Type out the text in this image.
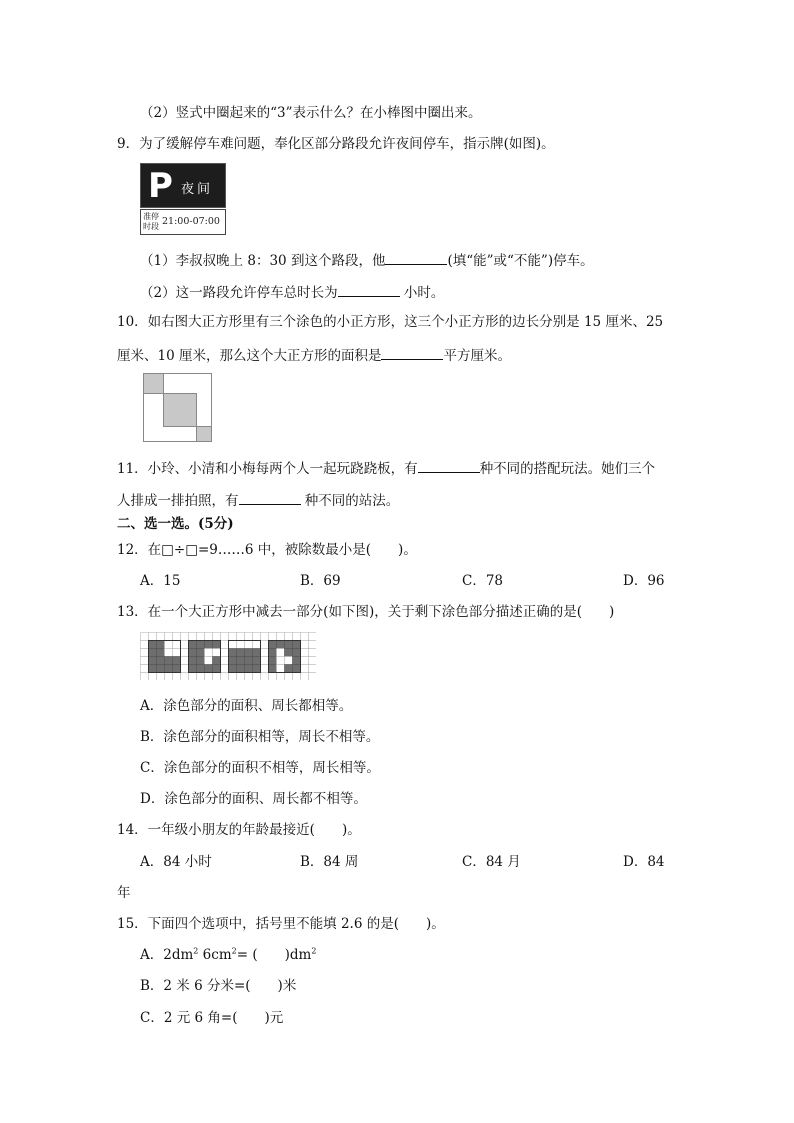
（2）竖式中圈起来的“3”表示什么？在小棒图中圈出来。
9．为了缓解停车难问题，奉化区部分路段允许夜间停车，指示牌(如图)。
P 夜间
准停时段 21:00-07:00
（1）李叔叔晚上 8：30 到这个路段，他	(填“能”或“不能”)停车。
（2）这一路段允许停车总时长为	小时。
10．如右图大正方形里有三个涂色的小正方形，这三个小正方形的边长分别是 15 厘米、25
厘米、10 厘米，那么这个大正方形的面积是	平方厘米。
11．小玲、小清和小梅每两个人一起玩跷跷板，有	种不同的搭配玩法。她们三个
人排成一排拍照，有	种不同的站法。
二、选一选。(5分)
12．在□÷□=9……6 中，被除数最小是(　　)。
A．15	B．69	C．78	D．96
13．在一个大正方形中减去一部分(如下图)，关于剩下涂色部分描述正确的是(　　)
A．涂色部分的面积、周长都相等。
B．涂色部分的面积相等，周长不相等。
C．涂色部分的面积不相等，周长相等。
D．涂色部分的面积、周长都不相等。
14．一年级小朋友的年龄最接近(　　)。
A．84 小时	B．84 周	C．84 月	D．84
年
15．下面四个选项中，括号里不能填 2.6 的是(　　)。
A．$2dm^2$ $6cm^2=$ (　　)$dm^2$
B．2 米 6 分米=(　　)米
C．2 元 6 角=(　　)元
